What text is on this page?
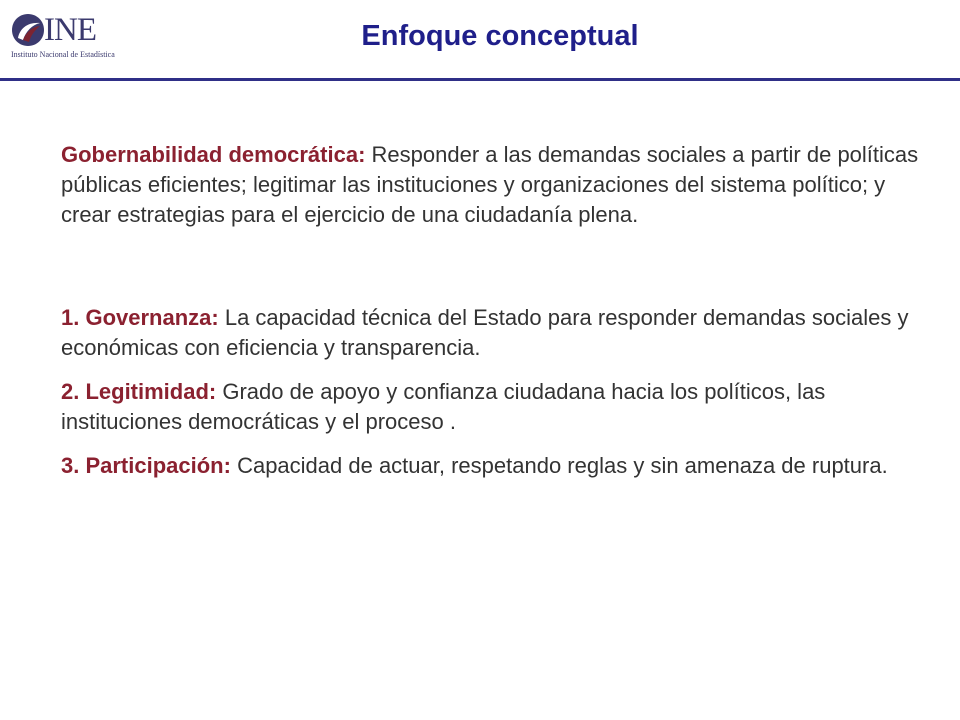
INE
Instituto Nacional de Estadística
Enfoque conceptual

Gobernabilidad democrática: Responder a las demandas sociales a partir de políticas públicas eficientes; legitimar las instituciones y organizaciones del sistema político; y crear estrategias para el ejercicio de una ciudadanía plena.

1. Governanza: La capacidad técnica del Estado para responder demandas sociales y económicas con eficiencia y transparencia.
2. Legitimidad: Grado de apoyo y confianza ciudadana hacia los políticos, las instituciones democráticas y el proceso .
3. Participación: Capacidad de actuar, respetando reglas y sin amenaza de ruptura.
